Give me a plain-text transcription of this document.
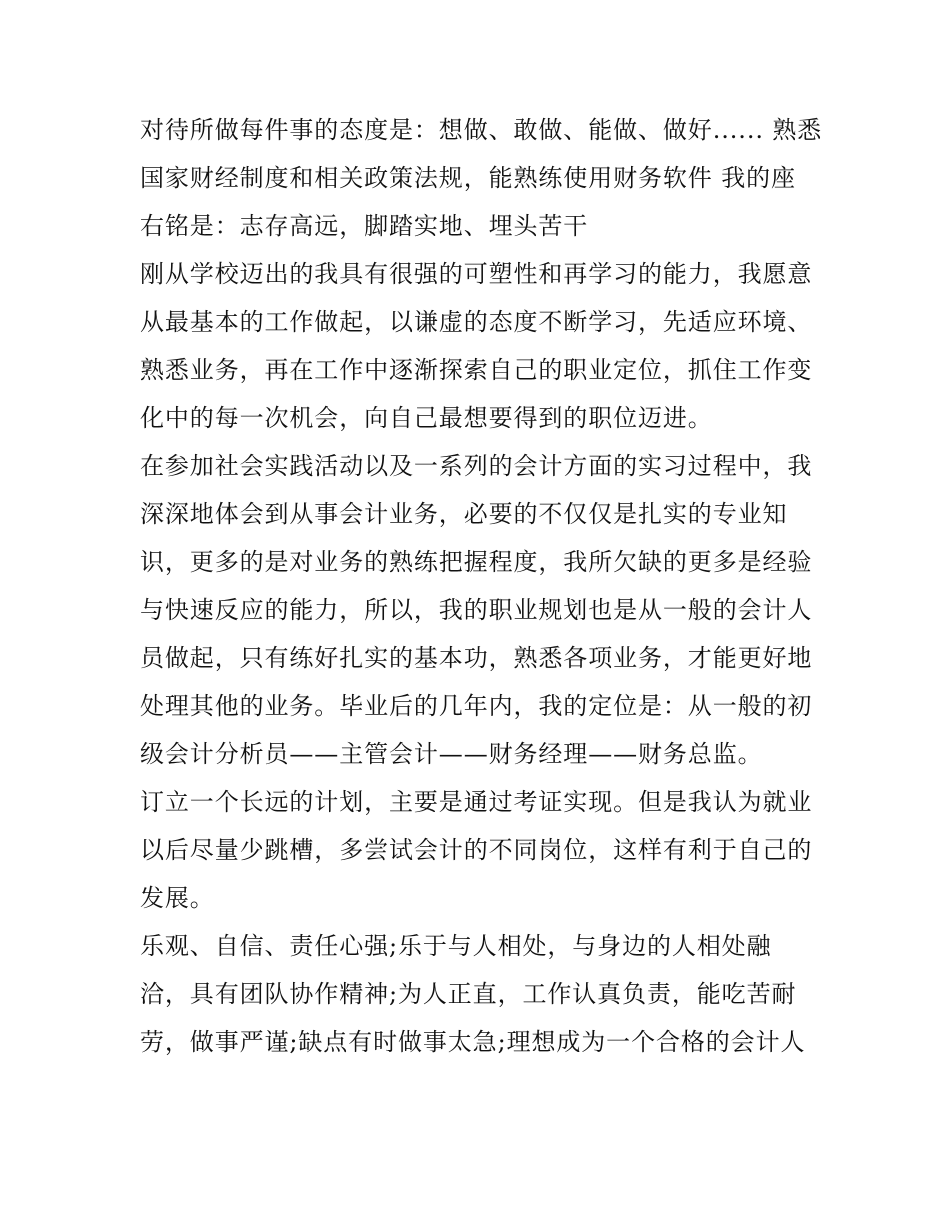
对待所做每件事的态度是：想做、敢做、能做、做好...... 熟悉
国家财经制度和相关政策法规，能熟练使用财务软件 我的座
右铭是：志存高远，脚踏实地、埋头苦干
刚从学校迈出的我具有很强的可塑性和再学习的能力，我愿意
从最基本的工作做起，以谦虚的态度不断学习，先适应环境、
熟悉业务，再在工作中逐渐探索自己的职业定位，抓住工作变
化中的每一次机会，向自己最想要得到的职位迈进。
在参加社会实践活动以及一系列的会计方面的实习过程中，我
深深地体会到从事会计业务，必要的不仅仅是扎实的专业知
识，更多的是对业务的熟练把握程度，我所欠缺的更多是经验
与快速反应的能力，所以，我的职业规划也是从一般的会计人
员做起，只有练好扎实的基本功，熟悉各项业务，才能更好地
处理其他的业务。毕业后的几年内，我的定位是：从一般的初
级会计分析员——主管会计——财务经理——财务总监。
订立一个长远的计划，主要是通过考证实现。但是我认为就业
以后尽量少跳槽，多尝试会计的不同岗位，这样有利于自己的
发展。
乐观、自信、责任心强;乐于与人相处，与身边的人相处融
洽，具有团队协作精神;为人正直，工作认真负责，能吃苦耐
劳，做事严谨;缺点有时做事太急;理想成为一个合格的会计人
